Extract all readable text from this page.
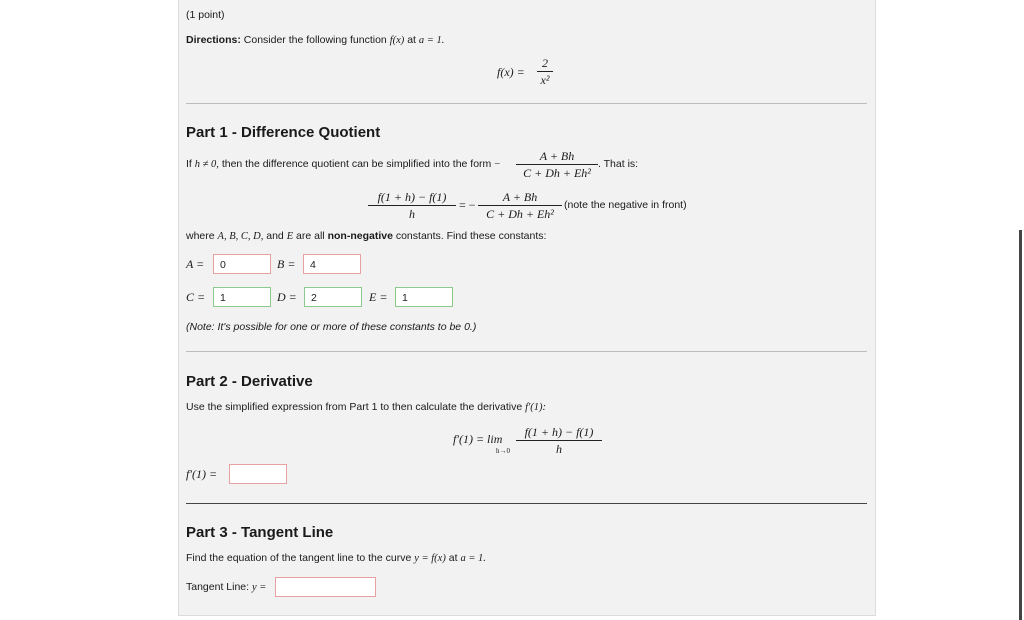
(1 point)
Directions: Consider the following function f(x) at a = 1.
f(x) =
2
x²
Part 1 - Difference Quotient
If h ≠ 0, then the difference quotient can be simplified into the form −
A + Bh
C + Dh + Eh²
. That is:
f(1 + h) − f(1)
h
= −
A + Bh
C + Dh + Eh²
(note the negative in front)
where A, B, C, D, and E are all non-negative constants. Find these constants:
A =	0	B =	4
C =	1	D =	2	E =	1
(Note: It's possible for one or more of these constants to be 0.)
Part 2 - Derivative
Use the simplified expression from Part 1 to then calculate the derivative f′(1):
f′(1) = lim
h→0
f(1 + h) − f(1)
h
f′(1) =
Part 3 - Tangent Line
Find the equation of the tangent line to the curve y = f(x) at a = 1.
Tangent Line: y =
